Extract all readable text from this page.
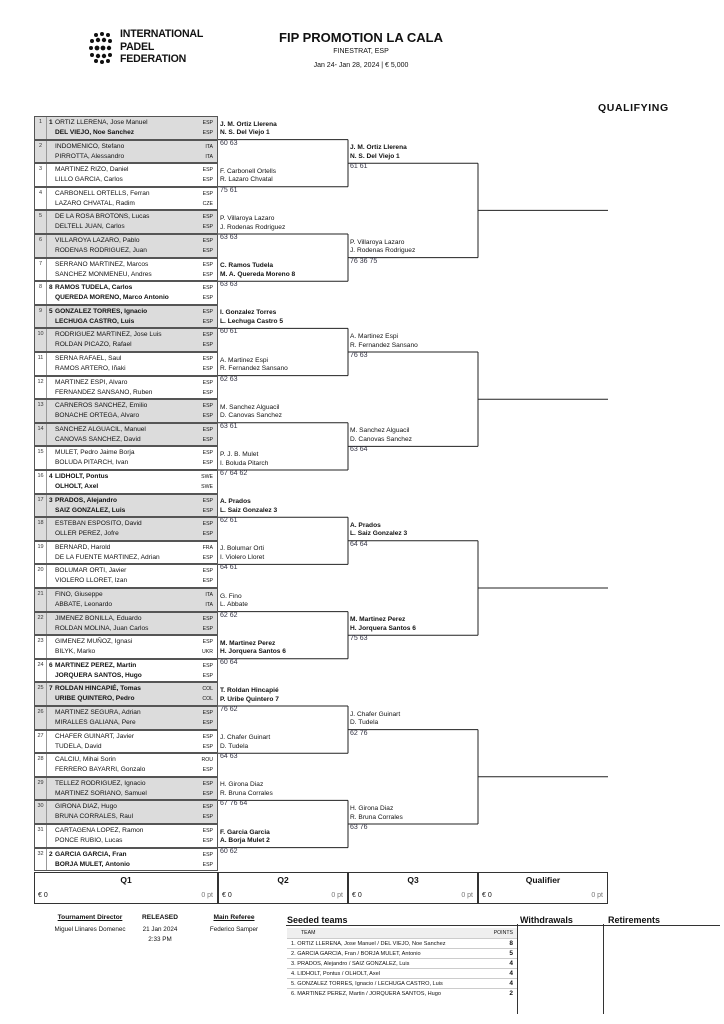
INTERNATIONAL
PADEL
FEDERATION
FIP PROMOTION LA CALA
FINESTRAT, ESP
Jan 24- Jan 28, 2024 | € 5,000
QUALIFYING
1	1 ORTIZ LLERENA, Jose Manuel	ESP
DEL VIEJO, Noe Sanchez	ESP
2	INDOMENICO, Stefano	ITA
PIRROTTA, Alessandro	ITA
3	MARTINEZ RIZO, Daniel	ESP
LILLO GARCIA, Carlos	ESP
4	CARBONELL ORTELLS, Ferran	ESP
LAZARO CHVATAL, Radim	CZE
5	DE LA ROSA BROTONS, Lucas	ESP
DELTELL JUAN, Carlos	ESP
6	VILLAROYA LAZARO, Pablo	ESP
RODENAS RODRIGUEZ, Juan	ESP
7	SERRANO MARTINEZ, Marcos	ESP
SANCHEZ MONMENEU, Andres	ESP
8	8 RAMOS TUDELA, Carlos	ESP
QUEREDA MORENO, Marco Antonio	ESP
9	5 GONZALEZ TORRES, Ignacio	ESP
LECHUGA CASTRO, Luis	ESP
10	RODRIGUEZ MARTINEZ, Jose Luis	ESP
ROLDAN PICAZO, Rafael	ESP
11	SERNA RAFAEL, Saul	ESP
RAMOS ARTERO, Iñaki	ESP
12	MARTINEZ ESPI, Alvaro	ESP
FERNANDEZ SANSANO, Ruben	ESP
13	CARNEROS SANCHEZ, Emilio	ESP
BONACHE ORTEGA, Alvaro	ESP
14	SANCHEZ ALGUACIL, Manuel	ESP
CANOVAS SANCHEZ, David	ESP
15	MULET, Pedro Jaime Borja	ESP
BOLUDA PITARCH, Ivan	ESP
16 4 LIDHOLT, Pontus	SWE
OLHOLT, Axel	SWE
17 3 PRADOS, Alejandro	ESP
SAIZ GONZALEZ, Luis	ESP
18	ESTEBAN ESPOSITO, David	ESP
OLLER PEREZ, Jofre	ESP
19	BERNARD, Harold	FRA
DE LA FUENTE MARTINEZ, Adrian	ESP
20	BOLUMAR ORTI, Javier	ESP
VIOLERO LLORET, Izan	ESP
21	FINO, Giuseppe	ITA
ABBATE, Leonardo	ITA
22	JIMENEZ BONILLA, Eduardo	ESP
ROLDAN MOLINA, Juan Carlos	ESP
23	GIMENEZ MUÑOZ, Ignasi	ESP
BILYK, Marko	UKR
24 6 MARTINEZ PEREZ, Martin	ESP
JORQUERA SANTOS, Hugo	ESP
25 7 ROLDAN HINCAPIÉ, Tomas	COL
URIBE QUINTERO, Pedro	COL
26	MARTINEZ SEGURA, Adrian	ESP
MIRALLES GALIANA, Pere	ESP
27	CHAFER GUINART, Javier	ESP
TUDELA, David	ESP
28	CALCIU, Mihai Sorin	ROU
FERRERO BAYARRI, Gonzalo	ESP
29	TELLEZ RODRIGUEZ, Ignacio	ESP
MARTINEZ SORIANO, Samuel	ESP
30	GIRONA DIAZ, Hugo	ESP
BRUNA CORRALES, Raul	ESP
31	CARTAGENA LOPEZ, Ramon	ESP
PONCE RUBIO, Lucas	ESP
32 2 GARCIA GARCIA, Fran	ESP
BORJA MULET, Antonio	ESP
J. M. Ortiz Llerena
N. S. Del Viejo 1
60 63
F. Carbonell Ortells
R. Lazaro Chvatal
75 61
P. Villaroya Lazaro
J. Rodenas Rodriguez
63 63
C. Ramos Tudela
M. A. Quereda Moreno 8
63 63
I. Gonzalez Torres
L. Lechuga Castro 5
60 61
A. Martinez Espi
R. Fernandez Sansano
62 63
M. Sanchez Alguacil
D. Canovas Sanchez
63 61
P. J. B. Mulet
I. Boluda Pitarch
67 64 62
A. Prados
L. Saiz Gonzalez 3
62 61
J. Bolumar Orti
I. Violero Lloret
64 61
G. Fino
L. Abbate
62 62
M. Martinez Perez
H. Jorquera Santos 6
60 64
T. Roldan Hincapié
P. Uribe Quintero 7
76 62
J. Chafer Guinart
D. Tudela
64 63
H. Girona Diaz
R. Bruna Corrales
67 76 64
F. Garcia Garcia
A. Borja Mulet 2
60 62
J. M. Ortiz Llerena
N. S. Del Viejo 1
61 61
P. Villaroya Lazaro
J. Rodenas Rodriguez
76 36 75
A. Martinez Espi
R. Fernandez Sansano
76 63
M. Sanchez Alguacil
D. Canovas Sanchez
63 64
A. Prados
L. Saiz Gonzalez 3
64 64
M. Martinez Perez
H. Jorquera Santos 6
75 63
J. Chafer Guinart
D. Tudela
62 76
H. Girona Diaz
R. Bruna Corrales
63 76
Q1
€ 0	0 pt
Q2
€ 0	0 pt
Q3
€ 0	0 pt
Qualifier
€ 0	0 pt
Tournament Director
Miguel Llinares Domenec
RELEASED
21 Jan 2024
2:33 PM
Main Referee
Federico Samper
Seeded teams	Withdrawals	Retirements
TEAM	POINTS
1. ORTIZ LLERENA, Jose Manuel / DEL VIEJO, Noe Sanchez	8
2. GARCIA GARCIA, Fran / BORJA MULET, Antonio	5
3. PRADOS, Alejandro / SAIZ GONZALEZ, Luis	4
4. LIDHOLT, Pontus / OLHOLT, Axel	4
5. GONZALEZ TORRES, Ignacio / LECHUGA CASTRO, Luis	4
6. MARTINEZ PEREZ, Martin / JORQUERA SANTOS, Hugo	2
